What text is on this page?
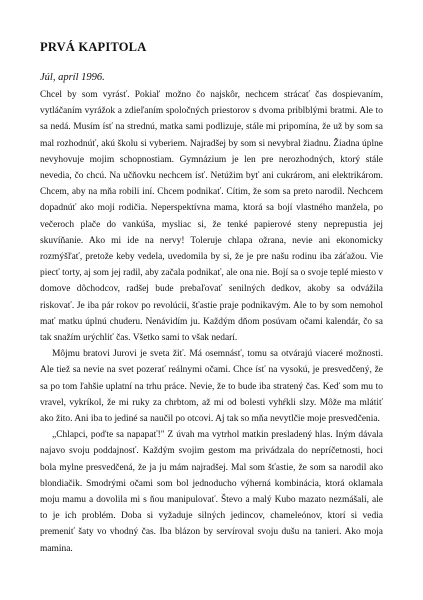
PRVÁ KAPITOLA
Júl, apríl 1996.

Chcel by som vyrásť. Pokiaľ možno čo najskôr, nechcem strácať čas dospievaním, vytláčaním vyrážok a zdieľaním spoločných priestorov s dvoma priblblými bratmi. Ale to sa nedá. Musím ísť na strednú, matka sami podlizuje, stále mi pripomína, že už by som sa mal rozhodnúť, akú školu si vyberiem. Najradšej by som si nevybral žiadnu. Žiadna úplne nevyhovuje mojim schopnostiam. Gymnázium je len pre nerozhodných, ktorý stále nevedia, čo chcú. Na učňovku nechcem ísť. Netúžim byť ani cukrárom, ani elektrikárom. Chcem, aby na mňa robili iní. Chcem podnikať. Cítim, že som sa preto narodil. Nechcem dopadnúť ako moji rodičia. Neperspektívna mama, ktorá sa bojí vlastného manžela, po večeroch plače do vankúša, mysliac si, že tenké papierové steny neprepustia jej skuvíňanie. Ako mi ide na nervy! Toleruje chlapa ožrana, nevie ani ekonomicky rozmýšľať, pretože keby vedela, uvedomila by si, že je pre našu rodinu iba záťažou. Vie piecť torty, aj som jej radil, aby začala podnikať, ale ona nie. Bojí sa o svoje teplé miesto v domove dôchodcov, radšej bude prebaľovať senilných dedkov, akoby sa odvážila riskovať. Je iba pár rokov po revolúcii, šťastie praje podnikavým. Ale to by som nemohol mať matku úplnú chuderu. Nenávidím ju. Každým dňom posúvam očami kalendár, čo sa tak snažím urýchliť čas. Všetko sami to však nedarí.

Môjmu bratovi Jurovi je sveta žiť. Má osemnásť, tomu sa otvárajú viaceré možnosti. Ale tiež sa nevie na svet pozerať reálnymi očami. Chce ísť na vysokú, je presvedčený, že sa po tom ľahšie uplatní na trhu práce. Nevie, že to bude iba stratený čas. Keď som mu to vravel, vykríkol, že mi ruky za chrbtom, až mi od bolesti vyhŕkli slzy. Môže ma mlátiť ako žito. Ani iba to jediné sa naučil po otcovi. Aj tak so mňa nevytlčie moje presvedčenia.

„Chlapci, poďte sa napapať!" Z úvah ma vytrhol matkin presladený hlas. Iným dávala najavo svoju poddajnosť. Každým svojim gestom ma privádzala do nepríčetnosti, hoci bola mylne presvedčená, že ja ju mám najradšej. Mal som šťastie, že som sa narodil ako blondiačik. Smodrými očami som bol jednoducho výherná kombinácia, ktorá oklamala moju mamu a dovolila mi s ňou manipulovať. Števo a malý Kubo mazato nezmášali, ale to je ich problém. Doba si vyžaduje silných jedincov, chameleónov, ktorí si vedia premeniť šaty vo vhodný čas. Iba blázon by servíroval svoju dušu na tanieri. Ako moja mamina.
